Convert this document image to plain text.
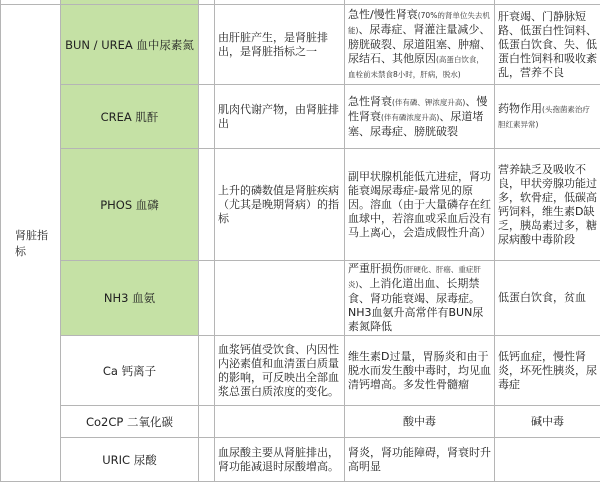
肾脏指标	BUN / UREA 血中尿素氮		由肝脏产生，是肾脏排出，是肾脏指标之一	急性/慢性肾衰(70%的肾单位失去机能)、尿毒症、肾灌注量减少、膀胱破裂、尿道阻塞、肿瘤、尿结石、其他原因(高蛋白饮食，血栓前未禁食8小时，肝病，脱水)	肝衰竭、门静脉短路、低蛋白性饲料、低蛋白饮食、失、低蛋白性饲料和吸收紊乱，营养不良
	CREA 肌酐		肌肉代谢产物，由肾脏排出	急性肾衰(伴有磷、钾浓度升高)、慢性肾衰(伴有磷浓度升高)、尿道堵塞、尿毒症、膀胱破裂	药物作用(头孢菌素治疗胆红素异常)
	PHOS 血磷		上升的磷数值是肾脏疾病（尤其是晚期肾病）的指标	副甲状腺机能低亢进症，肾功能衰竭尿毒症-最常见的原因。溶血（由于大量磷存在红血球中，若溶血或采血后没有马上离心，会造成假性升高）	营养缺乏及吸收不良，甲状旁腺功能过多，软骨症，低碳高钙饲料，维生素D缺乏，胰岛素过多，糖尿病酸中毒阶段
	NH3 血氨			严重肝损伤(肝硬化、肝癌、重症肝炎)、上消化道出血、长期禁食、肾功能衰竭、尿毒症。NH3血氨升高常伴有BUN尿素氮降低	低蛋白饮食，贫血
	Ca 钙离子		血浆钙值受饮食、内因性内泌素值和血清蛋白质量的影响，可反映出全部血浆总蛋白质浓度的变化。	维生素D过量，胃肠炎和由于脱水而发生酸中毒时，均见血清钙增高。多发性骨髓瘤	低钙血症，慢性肾炎，坏死性胰炎，尿毒症
	Co2CP 二氧化碳			酸中毒	碱中毒
	URIC 尿酸		血尿酸主要从肾脏排出，肾功能减退时尿酸增高。	肾炎，肾功能障碍，肾衰时升高明显	
